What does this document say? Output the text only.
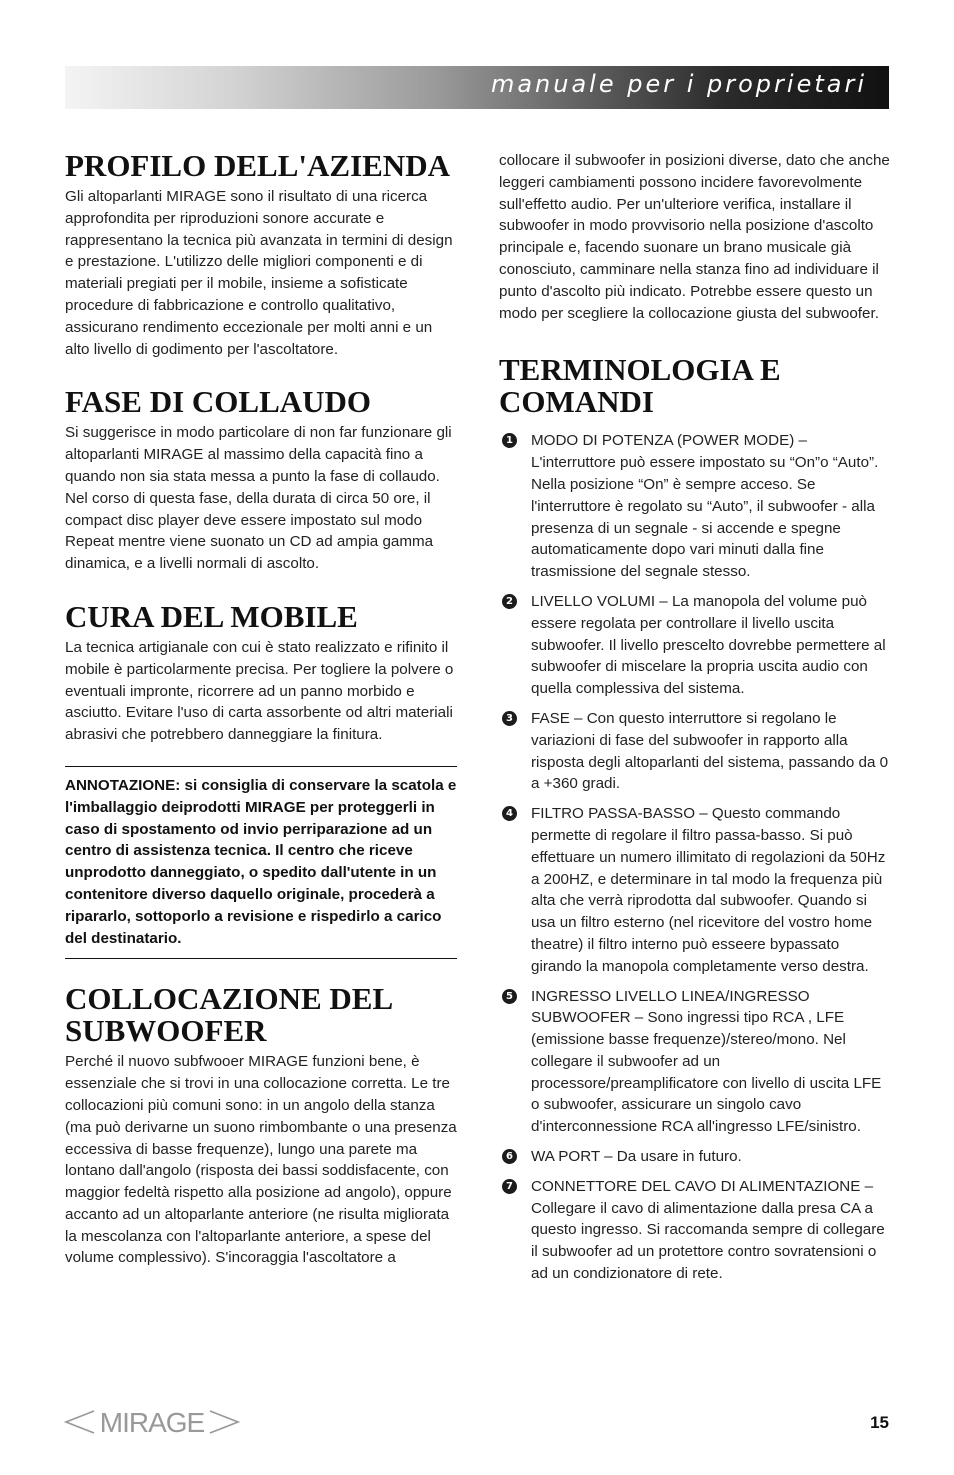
manuale per i proprietari
PROFILO DELL'AZIENDA

Gli altoparlanti MIRAGE sono il risultato di una ricerca approfondita per riproduzioni sonore accurate e rappresentano la tecnica più avanzata in termini di design e prestazione. L'utilizzo delle migliori componenti e di materiali pregiati per il mobile, insieme a sofisticate procedure di fabbricazione e controllo qualitativo, assicurano rendimento eccezionale per molti anni e un alto livello di godimento per l'ascoltatore.

FASE DI COLLAUDO

Si suggerisce in modo particolare di non far funzionare gli altoparlanti MIRAGE al massimo della capacità fino a quando non sia stata messa a punto la fase di collaudo. Nel corso di questa fase, della durata di circa 50 ore, il compact disc player deve essere impostato sul modo Repeat mentre viene suonato un CD ad ampia gamma dinamica, e a livelli normali di ascolto.

CURA DEL MOBILE

La tecnica artigianale con cui è stato realizzato e rifinito il mobile è particolarmente precisa. Per togliere la polvere o eventuali impronte, ricorrere ad un panno morbido e asciutto. Evitare l'uso di carta assorbente od altri materiali abrasivi che potrebbero danneggiare la finitura.

ANNOTAZIONE: si consiglia di conservare la scatola e l'imballaggio deiprodotti MIRAGE per proteggerli in caso di spostamento od invio perriparazione ad un centro di assistenza tecnica. Il centro che riceve unprodotto danneggiato, o spedito dall'utente in un contenitore diverso daquello originale, procederà a ripararlo, sottoporlo a revisione e rispedirlo a carico del destinatario.

COLLOCAZIONE DEL SUBWOOFER

Perché il nuovo subfwooer MIRAGE funzioni bene, è essenziale che si trovi in una collocazione corretta. Le tre collocazioni più comuni sono: in un angolo della stanza (ma può derivarne un suono rimbombante o una presenza eccessiva di basse frequenze), lungo una parete ma lontano dall'angolo (risposta dei bassi soddisfacente, con maggior fedeltà rispetto alla posizione ad angolo), oppure accanto ad un altoparlante anteriore (ne risulta migliorata la mescolanza con l'altoparlante anteriore, a spese del volume complessivo). S'incoraggia l'ascoltatore a

collocare il subwoofer in posizioni diverse, dato che anche leggeri cambiamenti possono incidere favorevolmente sull'effetto audio. Per un'ulteriore verifica, installare il subwoofer in modo provvisorio nella posizione d'ascolto principale e, facendo suonare un brano musicale già conosciuto, camminare nella stanza fino ad individuare il punto d'ascolto più indicato. Potrebbe essere questo un modo per scegliere la collocazione giusta del subwoofer.

TERMINOLOGIA E COMANDI
1 MODO DI POTENZA (POWER MODE) – L'interruttore può essere impostato su “On”o “Auto”. Nella posizione “On” è sempre acceso. Se l'interruttore è regolato su “Auto”, il subwoofer - alla presenza di un segnale - si accende e spegne automaticamente dopo vari minuti dalla fine trasmissione del segnale stesso.

2 LIVELLO VOLUMI – La manopola del volume può essere regolata per controllare il livello uscita subwoofer. Il livello prescelto dovrebbe permettere al subwoofer di miscelare la propria uscita audio con quella complessiva del sistema.

3 FASE – Con questo interruttore si regolano le variazioni di fase del subwoofer in rapporto alla risposta degli altoparlanti del sistema, passando da 0 a +360 gradi.

4 FILTRO PASSA-BASSO – Questo commando permette di regolare il filtro passa-basso. Si può effettuare un numero illimitato di regolazioni da 50Hz a 200HZ, e determinare in tal modo la frequenza più alta che verrà riprodotta dal subwoofer. Quando si usa un filtro esterno (nel ricevitore del vostro home theatre) il filtro interno può esseere bypassato girando la manopola completamente verso destra.

5 INGRESSO LIVELLO LINEA/INGRESSO SUBWOOFER – Sono ingressi tipo RCA , LFE (emissione basse frequenze)/stereo/mono. Nel collegare il subwoofer ad un processore/preamplificatore con livello di uscita LFE o subwoofer, assicurare un singolo cavo d'interconnessione RCA all'ingresso LFE/sinistro.

6 WA PORT – Da usare in futuro.

7 CONNETTORE DEL CAVO DI ALIMENTAZIONE – Collegare il cavo di alimentazione dalla presa CA a questo ingresso. Si raccomanda sempre di collegare il subwoofer ad un protettore contro sovratensioni o ad un condizionatore di rete.

MIRAGE	15
